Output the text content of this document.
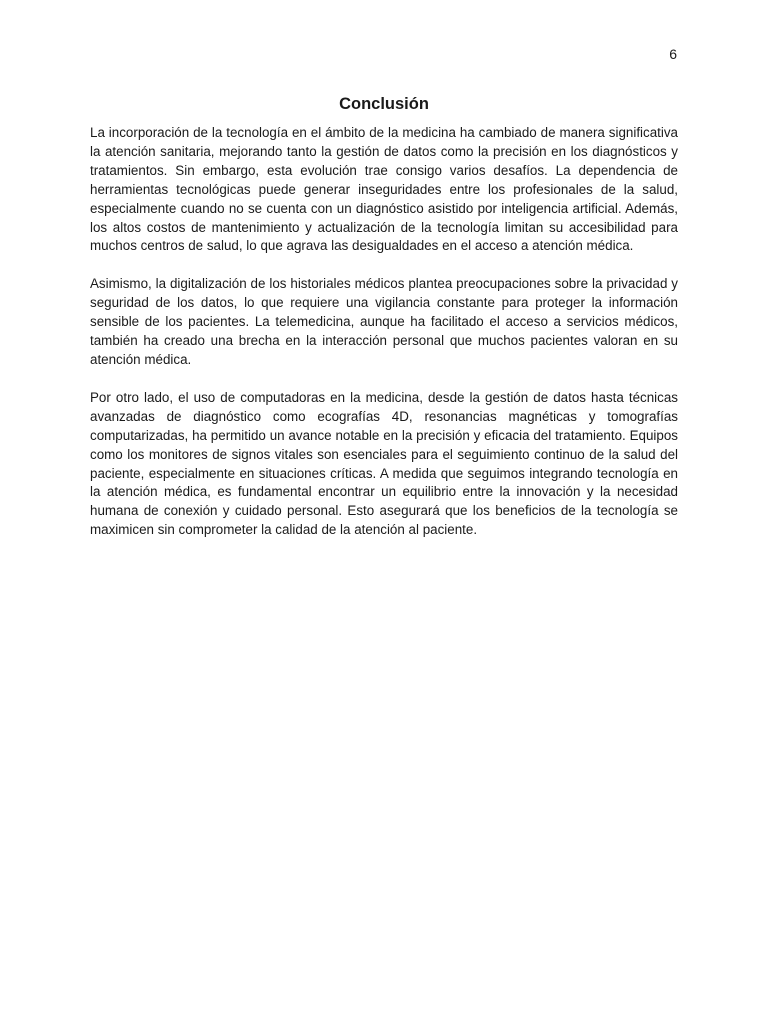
6
Conclusión

La incorporación de la tecnología en el ámbito de la medicina ha cambiado de manera significativa la atención sanitaria, mejorando tanto la gestión de datos como la precisión en los diagnósticos y tratamientos. Sin embargo, esta evolución trae consigo varios desafíos. La dependencia de herramientas tecnológicas puede generar inseguridades entre los profesionales de la salud, especialmente cuando no se cuenta con un diagnóstico asistido por inteligencia artificial. Además, los altos costos de mantenimiento y actualización de la tecnología limitan su accesibilidad para muchos centros de salud, lo que agrava las desigualdades en el acceso a atención médica.

Asimismo, la digitalización de los historiales médicos plantea preocupaciones sobre la privacidad y seguridad de los datos, lo que requiere una vigilancia constante para proteger la información sensible de los pacientes. La telemedicina, aunque ha facilitado el acceso a servicios médicos, también ha creado una brecha en la interacción personal que muchos pacientes valoran en su atención médica.

Por otro lado, el uso de computadoras en la medicina, desde la gestión de datos hasta técnicas avanzadas de diagnóstico como ecografías 4D, resonancias magnéticas y tomografías computarizadas, ha permitido un avance notable en la precisión y eficacia del tratamiento. Equipos como los monitores de signos vitales son esenciales para el seguimiento continuo de la salud del paciente, especialmente en situaciones críticas. A medida que seguimos integrando tecnología en la atención médica, es fundamental encontrar un equilibrio entre la innovación y la necesidad humana de conexión y cuidado personal. Esto asegurará que los beneficios de la tecnología se maximicen sin comprometer la calidad de la atención al paciente.
